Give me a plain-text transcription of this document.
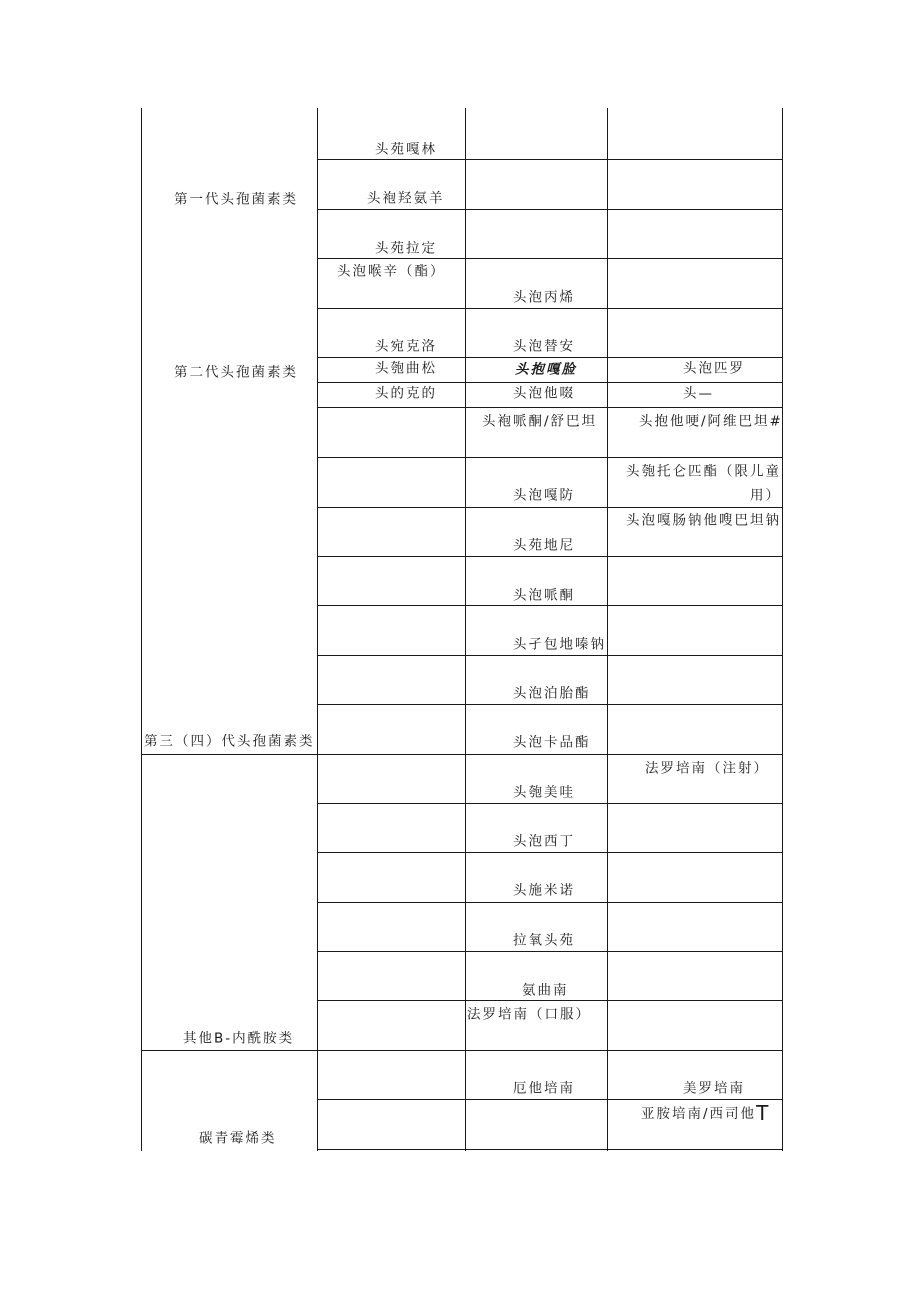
第一代头孢菌素类
第二代头孢菌素类
第三（四）代头孢菌素类
其他B-内酰胺类
碳青霉烯类
头苑嘎林
头袍羟氨羊
头苑拉定
头泡喉辛（酯）
头宛克洛
头匏曲松
头的克的
头泡丙烯
头泡替安
头抱嘎脸
头泡他啜
头袍哌酮/舒巴坦
头泡嘎防
头苑地尼
头泡哌酮
头孑包地嗪钠
头泡泊胎酯
头泡卡品酯
头匏美哇
头泡西丁
头施米诺
拉氧头苑
氨曲南
法罗培南（口服）
厄他培南
头泡匹罗
头—
头抱他哽/阿维巴坦#
头匏托仑匹酯（限儿童
用）
头泡嘎肠钠他嗖巴坦钠
法罗培南（注射）
美罗培南
亚胺培南/西司他T
